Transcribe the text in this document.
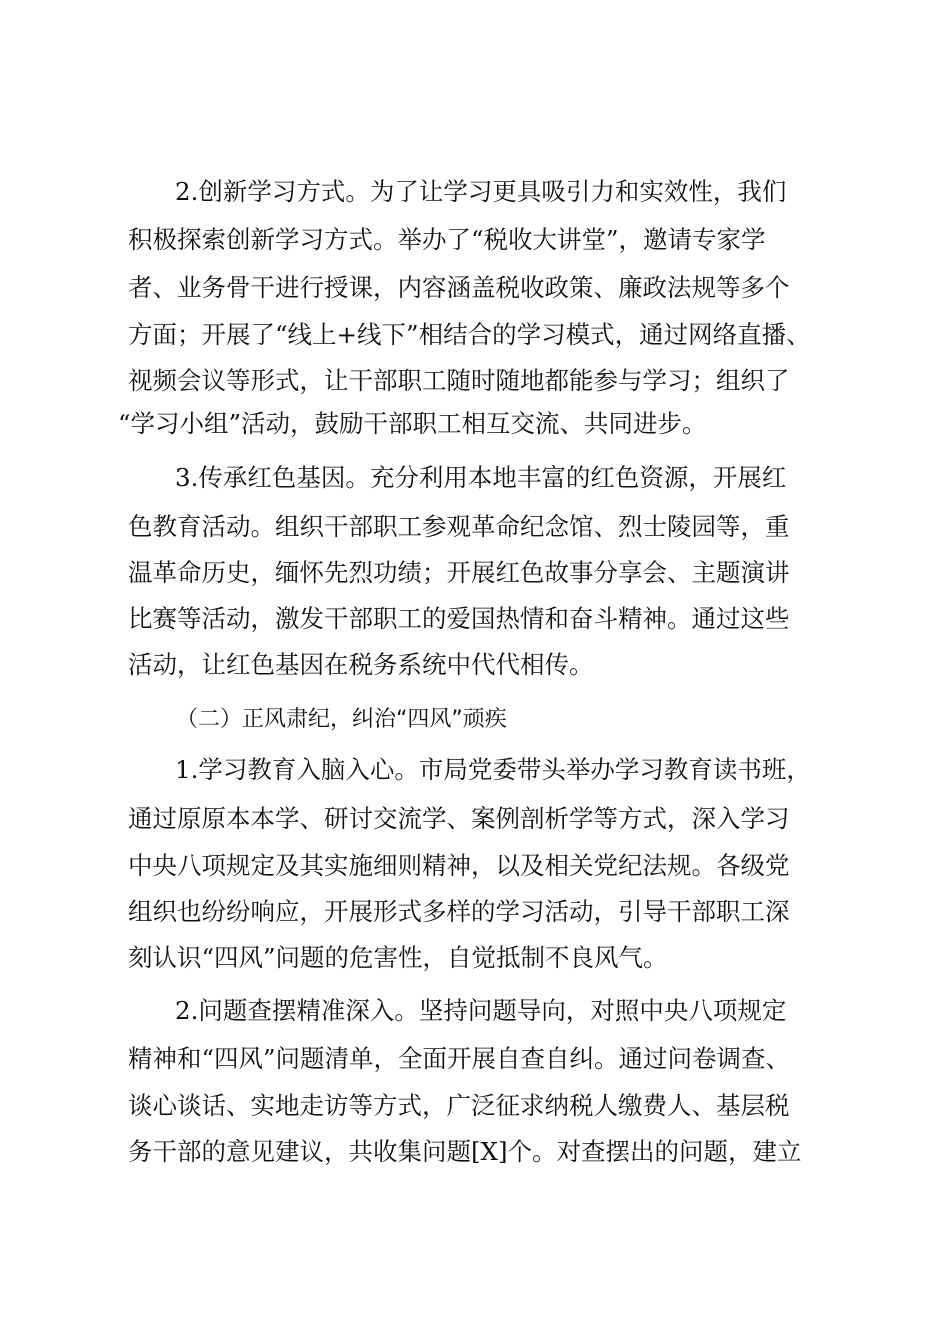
2.创新学习方式。为了让学习更具吸引力和实效性，我们
积极探索创新学习方式。举办了“税收大讲堂”，邀请专家学
者、业务骨干进行授课，内容涵盖税收政策、廉政法规等多个
方面；开展了“线上+线下”相结合的学习模式，通过网络直播、
视频会议等形式，让干部职工随时随地都能参与学习；组织了
“学习小组”活动，鼓励干部职工相互交流、共同进步。
3.传承红色基因。充分利用本地丰富的红色资源，开展红
色教育活动。组织干部职工参观革命纪念馆、烈士陵园等，重
温革命历史，缅怀先烈功绩；开展红色故事分享会、主题演讲
比赛等活动，激发干部职工的爱国热情和奋斗精神。通过这些
活动，让红色基因在税务系统中代代相传。
（二）正风肃纪，纠治“四风”顽疾
1.学习教育入脑入心。市局党委带头举办学习教育读书班，
通过原原本本学、研讨交流学、案例剖析学等方式，深入学习
中央八项规定及其实施细则精神，以及相关党纪法规。各级党
组织也纷纷响应，开展形式多样的学习活动，引导干部职工深
刻认识“四风”问题的危害性，自觉抵制不良风气。
2.问题查摆精准深入。坚持问题导向，对照中央八项规定
精神和“四风”问题清单，全面开展自查自纠。通过问卷调查、
谈心谈话、实地走访等方式，广泛征求纳税人缴费人、基层税
务干部的意见建议，共收集问题[X]个。对查摆出的问题，建立
